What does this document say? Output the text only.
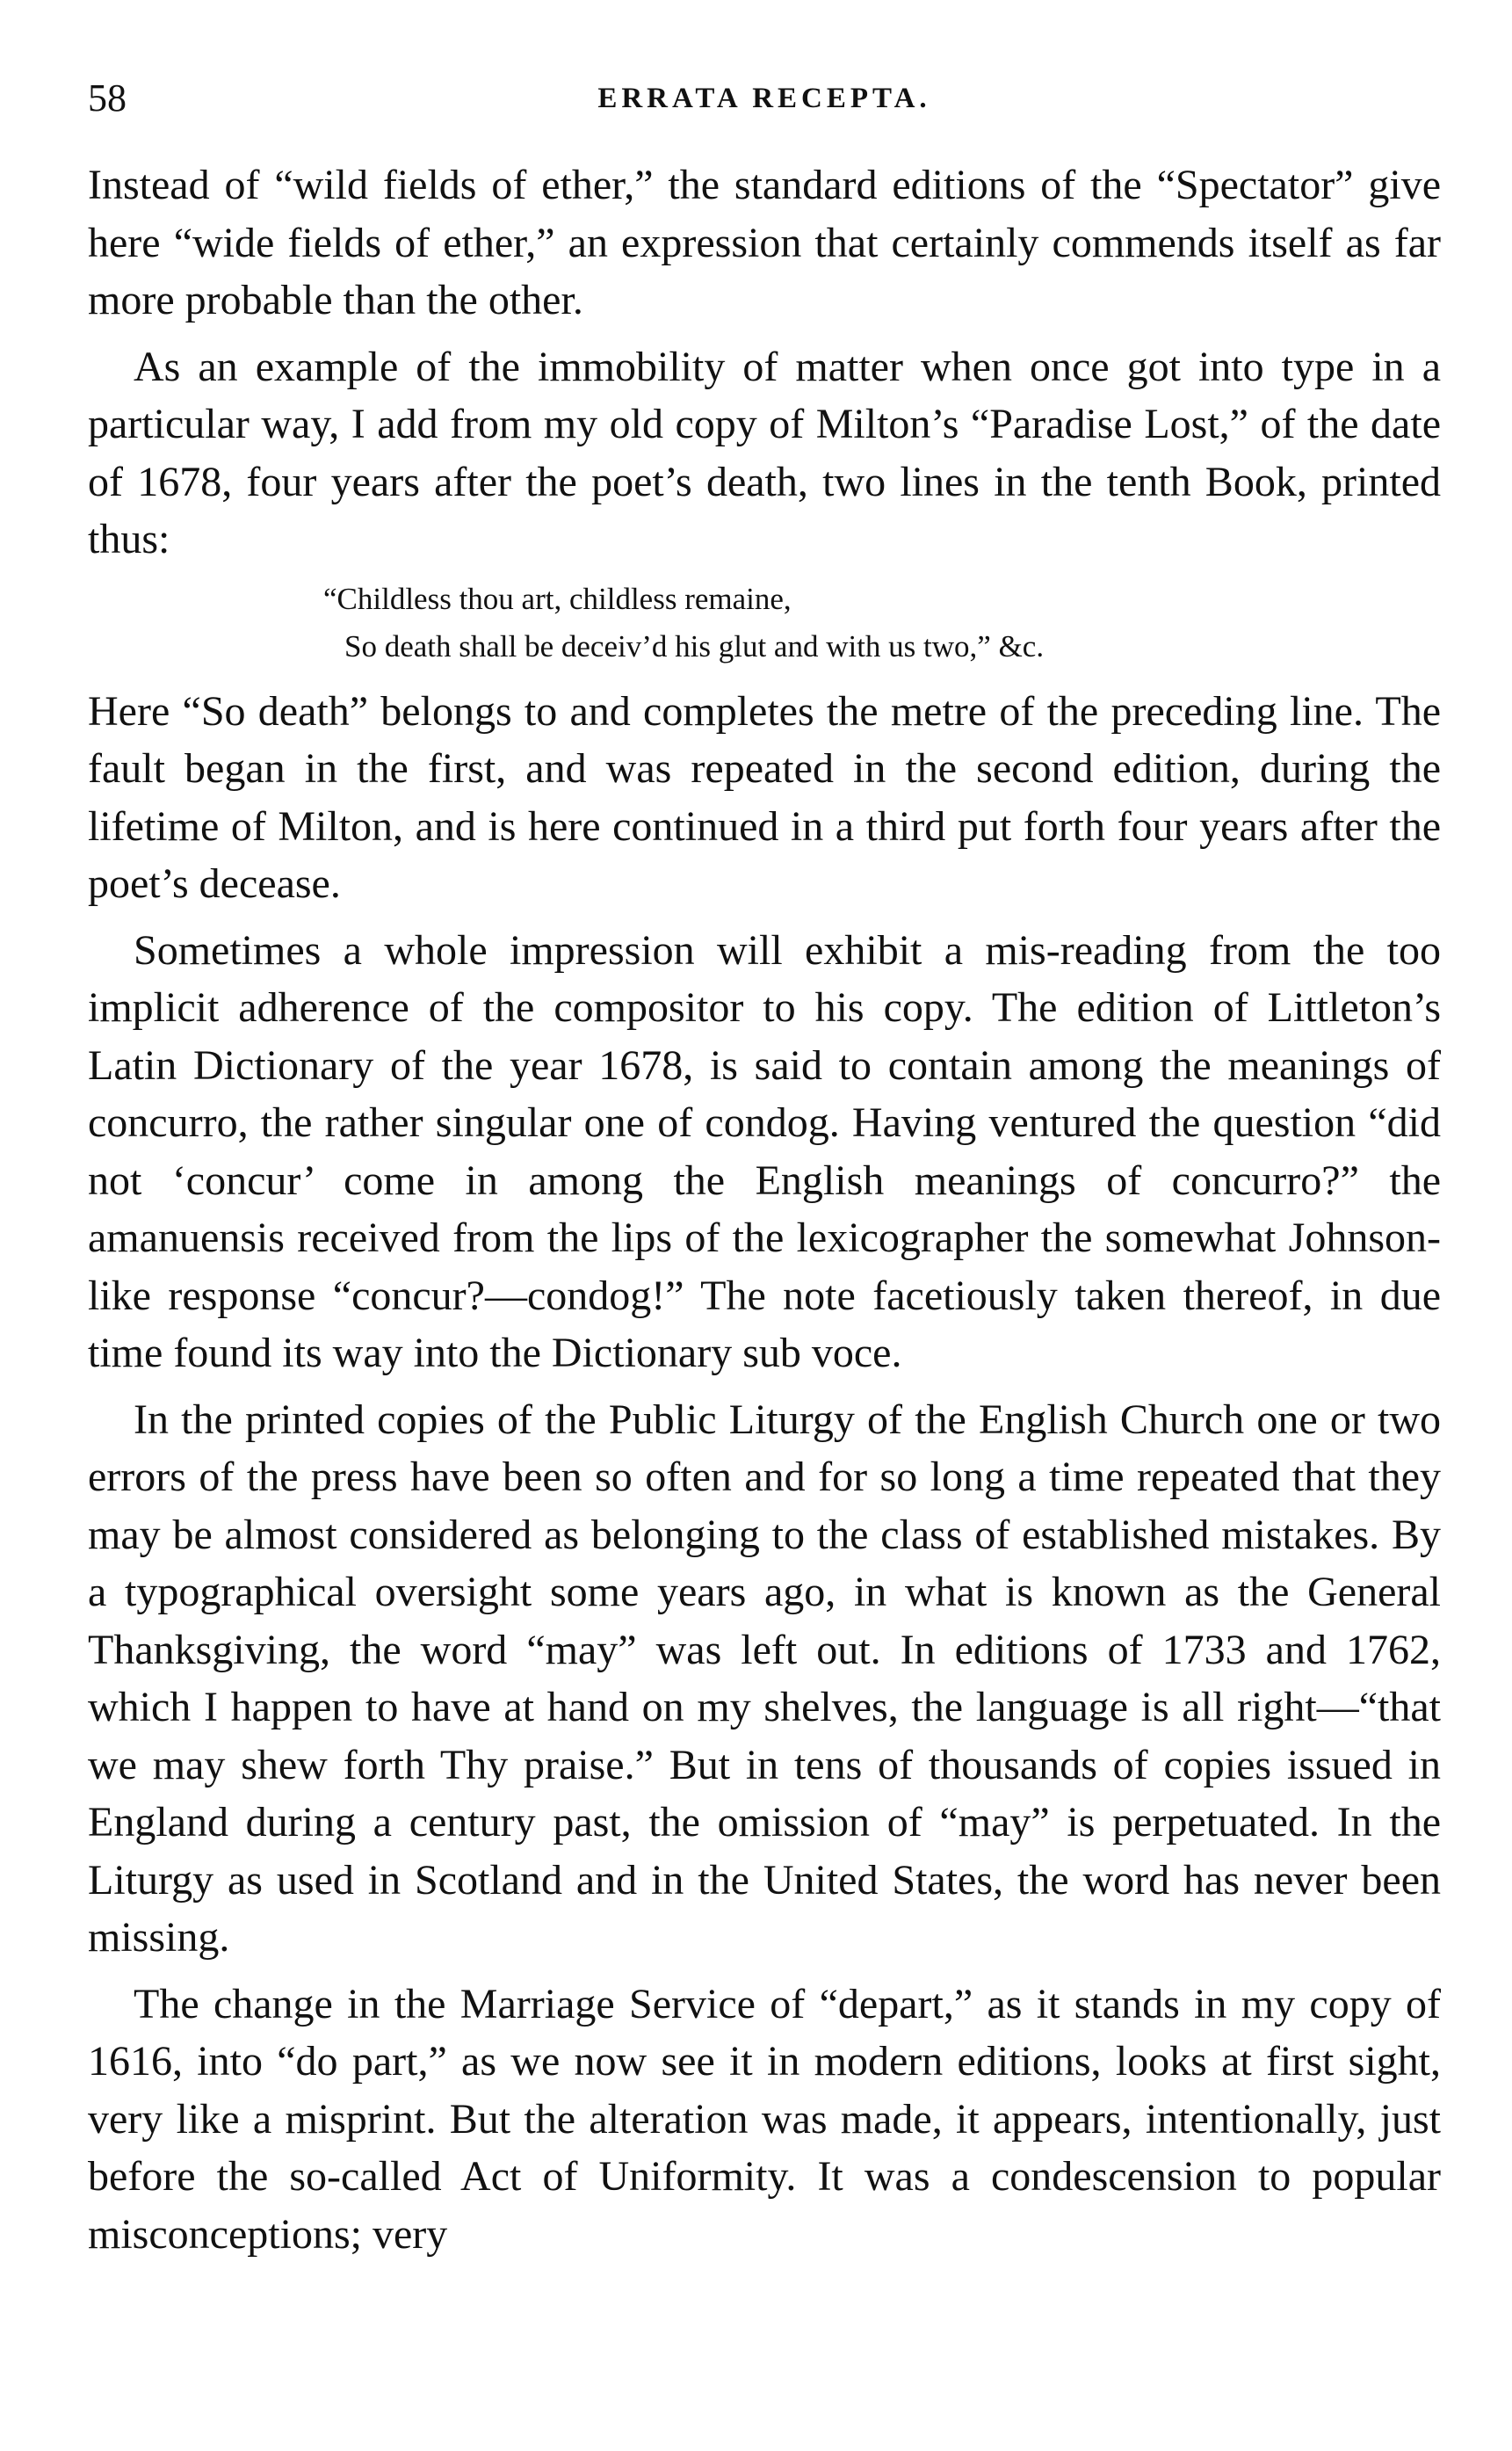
58	ERRATA RECEPTA.

Instead of “wild fields of ether,” the standard editions of the “Spectator” give here “wide fields of ether,” an expression that certainly commends itself as far more probable than the other.

As an example of the immobility of matter when once got into type in a particular way, I add from my old copy of Milton’s “Paradise Lost,” of the date of 1678, four years after the poet’s death, two lines in the tenth Book, printed thus:

“Childless thou art, childless remaine,
So death shall be deceiv’d his glut and with us two,” &c.

Here “So death” belongs to and completes the metre of the preceding line. The fault began in the first, and was repeated in the second edition, during the lifetime of Milton, and is here continued in a third put forth four years after the poet’s decease.

Sometimes a whole impression will exhibit a mis-reading from the too implicit adherence of the compositor to his copy. The edition of Littleton’s Latin Dictionary of the year 1678, is said to contain among the meanings of concurro, the rather singular one of condog. Having ventured the question “did not ‘concur’ come in among the English meanings of concurro?” the amanuensis received from the lips of the lexicographer the somewhat Johnson-like response “concur?—condog!” The note facetiously taken thereof, in due time found its way into the Dictionary sub voce.

In the printed copies of the Public Liturgy of the English Church one or two errors of the press have been so often and for so long a time repeated that they may be almost considered as belonging to the class of established mistakes. By a typographical oversight some years ago, in what is known as the General Thanksgiving, the word “may” was left out. In editions of 1733 and 1762, which I happen to have at hand on my shelves, the language is all right—“that we may shew forth Thy praise.” But in tens of thousands of copies issued in England during a century past, the omission of “may” is perpetuated. In the Liturgy as used in Scotland and in the United States, the word has never been missing.

The change in the Marriage Service of “depart,” as it stands in my copy of 1616, into “do part,” as we now see it in modern editions, looks at first sight, very like a misprint. But the alteration was made, it appears, intentionally, just before the so-called Act of Uniformity. It was a condescension to popular misconceptions; very
